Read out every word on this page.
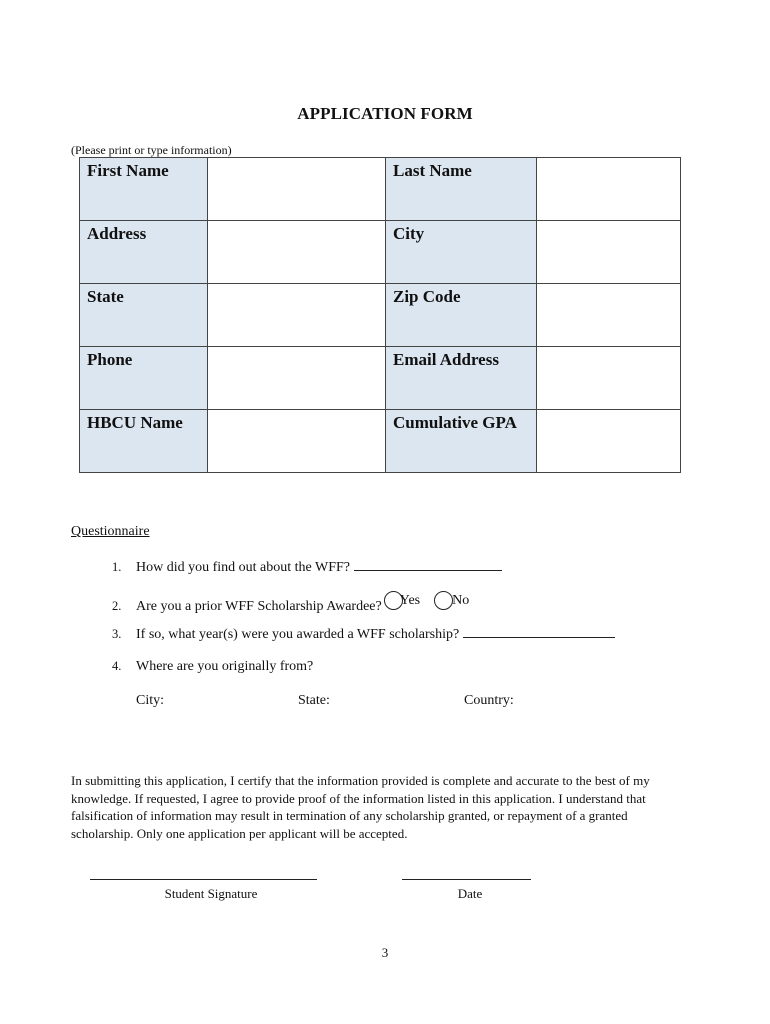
APPLICATION FORM
(Please print or type information)
First Name		Last Name	
Address		City	
State		Zip Code	
Phone		Email Address	
HBCU Name		Cumulative GPA	
Questionnaire
1. How did you find out about the WFF?
2. Are you a prior WFF Scholarship Awardee? Yes No
3. If so, what year(s) were you awarded a WFF scholarship?
4. Where are you originally from?
City:	State:	Country:
In submitting this application, I certify that the information provided is complete and accurate to the best of my knowledge. If requested, I agree to provide proof of the information listed in this application. I understand that falsification of information may result in termination of any scholarship granted, or repayment of a granted scholarship. Only one application per applicant will be accepted.
Student Signature	Date
3
